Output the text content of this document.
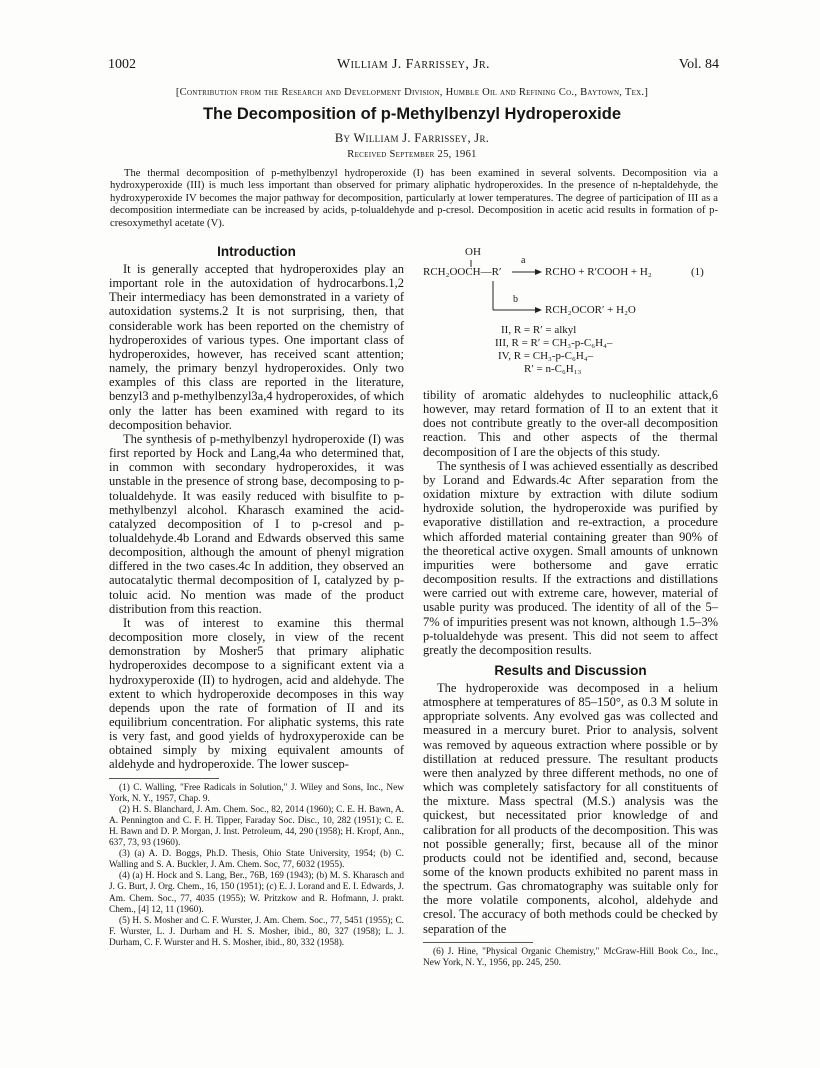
1002	William J. Farrissey, Jr.	Vol. 84
[Contribution from the Research and Development Division, Humble Oil and Refining Co., Baytown, Tex.]
The Decomposition of p-Methylbenzyl Hydroperoxide
By William J. Farrissey, Jr.
Received September 25, 1961
The thermal decomposition of p-methylbenzyl hydroperoxide (I) has been examined in several solvents. Decomposition via a hydroxyperoxide (III) is much less important than observed for primary aliphatic hydroperoxides. In the presence of n-heptaldehyde, the hydroxyperoxide IV becomes the major pathway for decomposition, particularly at lower temperatures. The degree of participation of III as a decomposition intermediate can be increased by acids, p-tolualdehyde and p-cresol. Decomposition in acetic acid results in formation of p-cresoxymethyl acetate (V).
Introduction

It is generally accepted that hydroperoxides play an important role in the autoxidation of hydrocarbons.1,2 Their intermediacy has been demonstrated in a variety of autoxidation systems.2 It is not surprising, then, that considerable work has been reported on the chemistry of hydroperoxides of various types. One important class of hydroperoxides, however, has received scant attention; namely, the primary benzyl hydroperoxides. Only two examples of this class are reported in the literature, benzyl3 and p-methylbenzyl3a,4 hydroperoxides, of which only the latter has been examined with regard to its decomposition behavior.

The synthesis of p-methylbenzyl hydroperoxide (I) was first reported by Hock and Lang,4a who determined that, in common with secondary hydroperoxides, it was unstable in the presence of strong base, decomposing to p-tolualdehyde. It was easily reduced with bisulfite to p-methylbenzyl alcohol. Kharasch examined the acid-catalyzed decomposition of I to p-cresol and p-tolualdehyde.4b Lorand and Edwards observed this same decomposition, although the amount of phenyl migration differed in the two cases.4c In addition, they observed an autocatalytic thermal decomposition of I, catalyzed by p-toluic acid. No mention was made of the product distribution from this reaction.

It was of interest to examine this thermal decomposition more closely, in view of the recent demonstration by Mosher5 that primary aliphatic hydroperoxides decompose to a significant extent via a hydroxyperoxide (II) to hydrogen, acid and aldehyde. The extent to which hydroperoxide decomposes in this way depends upon the rate of formation of II and its equilibrium concentration. For aliphatic systems, this rate is very fast, and good yields of hydroxyperoxide can be obtained simply by mixing equivalent amounts of aldehyde and hydroperoxide. The lower suscep-

(1) C. Walling, "Free Radicals in Solution," J. Wiley and Sons, Inc., New York, N. Y., 1957, Chap. 9.

(2) H. S. Blanchard, J. Am. Chem. Soc., 82, 2014 (1960); C. E. H. Bawn, A. A. Pennington and C. F. H. Tipper, Faraday Soc. Disc., 10, 282 (1951); C. E. H. Bawn and D. P. Morgan, J. Inst. Petroleum, 44, 290 (1958); H. Kropf, Ann., 637, 73, 93 (1960).

(3) (a) A. D. Boggs, Ph.D. Thesis, Ohio State University, 1954; (b) C. Walling and S. A. Buckler, J. Am. Chem. Soc, 77, 6032 (1955).

(4) (a) H. Hock and S. Lang, Ber., 76B, 169 (1943); (b) M. S. Kharasch and J. G. Burt, J. Org. Chem., 16, 150 (1951); (c) E. J. Lorand and E. I. Edwards, J. Am. Chem. Soc., 77, 4035 (1955); W. Pritzkow and R. Hofmann, J. prakt. Chem., [4] 12, 11 (1960).

(5) H. S. Mosher and C. F. Wurster, J. Am. Chem. Soc., 77, 5451 (1955); C. F. Wurster, L. J. Durham and H. S. Mosher, ibid., 80, 327 (1958); L. J. Durham, C. F. Wurster and H. S. Mosher, ibid., 80, 332 (1958).

OH
RCH₂OOCH—R′
a
RCHO + R′COOH + H₂	(1)
b
RCH₂OCOR′ + H₂O
II, R = R′ = alkyl
III, R = R′ = CH₃-p-C₆H₄–
IV, R = CH₃-p-C₆H₄–
R′ = n-C₆H₁₃

tibility of aromatic aldehydes to nucleophilic attack,6 however, may retard formation of II to an extent that it does not contribute greatly to the over-all decomposition reaction. This and other aspects of the thermal decomposition of I are the objects of this study.

The synthesis of I was achieved essentially as described by Lorand and Edwards.4c After separation from the oxidation mixture by extraction with dilute sodium hydroxide solution, the hydroperoxide was purified by evaporative distillation and re-extraction, a procedure which afforded material containing greater than 90% of the theoretical active oxygen. Small amounts of unknown impurities were bothersome and gave erratic decomposition results. If the extractions and distillations were carried out with extreme care, however, material of usable purity was produced. The identity of all of the 5–7% of impurities present was not known, although 1.5–3% p-tolualdehyde was present. This did not seem to affect greatly the decomposition results.

Results and Discussion

The hydroperoxide was decomposed in a helium atmosphere at temperatures of 85–150°, as 0.3 M solute in appropriate solvents. Any evolved gas was collected and measured in a mercury buret. Prior to analysis, solvent was removed by aqueous extraction where possible or by distillation at reduced pressure. The resultant products were then analyzed by three different methods, no one of which was completely satisfactory for all constituents of the mixture. Mass spectral (M.S.) analysis was the quickest, but necessitated prior knowledge of and calibration for all products of the decomposition. This was not possible generally; first, because all of the minor products could not be identified and, second, because some of the known products exhibited no parent mass in the spectrum. Gas chromatography was suitable only for the more volatile components, alcohol, aldehyde and cresol. The accuracy of both methods could be checked by separation of the

(6) J. Hine, "Physical Organic Chemistry," McGraw-Hill Book Co., Inc., New York, N. Y., 1956, pp. 245, 250.
